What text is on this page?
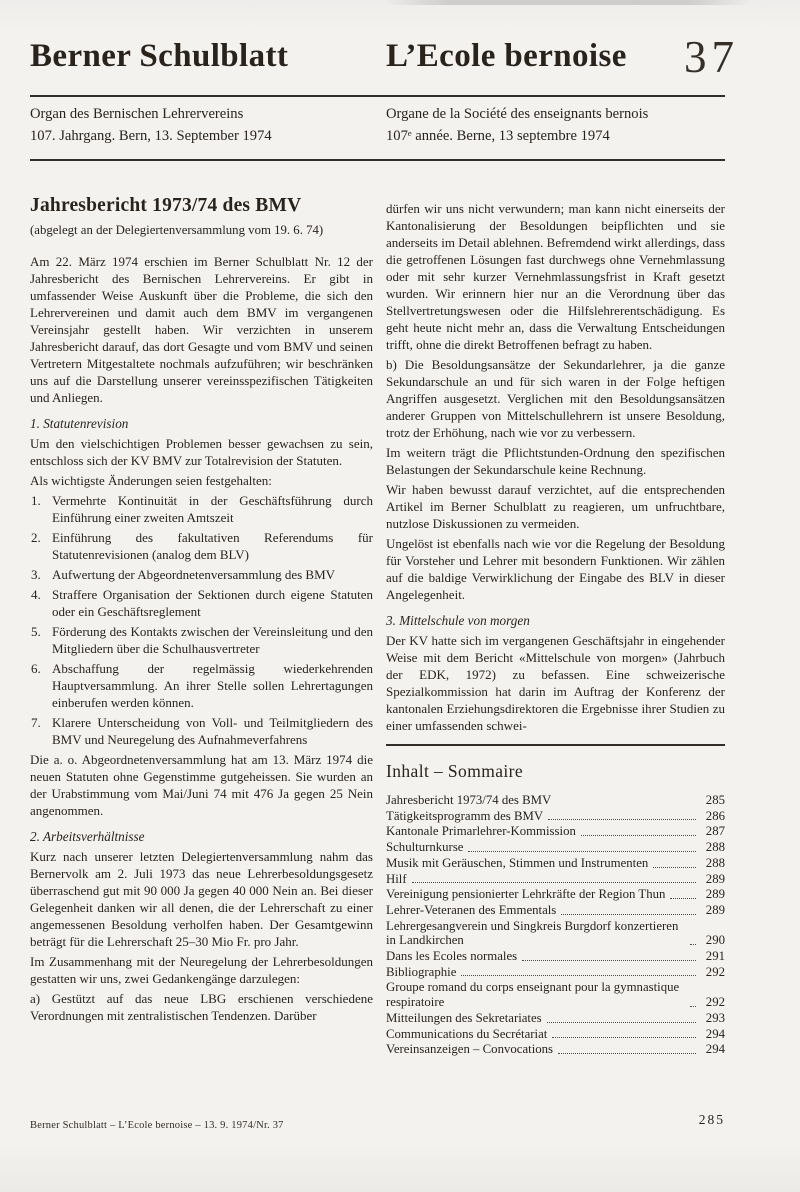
Berner Schulblatt	L’Ecole bernoise 37
Organ des Bernischen Lehrervereins
107. Jahrgang. Bern, 13. September 1974
Organe de la Société des enseignants bernois
107ᵉ année. Berne, 13 septembre 1974
Jahresbericht 1973/74 des BMV
(abgelegt an der Delegiertenversammlung vom 19. 6. 74)

Am 22. März 1974 erschien im Berner Schulblatt Nr. 12 der Jahresbericht des Bernischen Lehrervereins. Er gibt in umfassender Weise Auskunft über die Probleme, die sich den Lehrervereinen und damit auch dem BMV im vergangenen Vereinsjahr gestellt haben. Wir verzichten in unserem Jahresbericht darauf, das dort Gesagte und vom BMV und seinen Vertretern Mitgestaltete nochmals aufzuführen; wir beschränken uns auf die Darstellung unserer vereinsspezifischen Tätigkeiten und Anliegen.

1. Statutenrevision

Um den vielschichtigen Problemen besser gewachsen zu sein, entschloss sich der KV BMV zur Totalrevision der Statuten.

Als wichtigste Änderungen seien festgehalten:

1. Vermehrte Kontinuität in der Geschäftsführung durch Einführung einer zweiten Amtszeit
2. Einführung des fakultativen Referendums für Statutenrevisionen (analog dem BLV)
3. Aufwertung der Abgeordnetenversammlung des BMV
4. Straffere Organisation der Sektionen durch eigene Statuten oder ein Geschäftsreglement
5. Förderung des Kontakts zwischen der Vereinsleitung und den Mitgliedern über die Schulhausvertreter
6. Abschaffung der regelmässig wiederkehrenden Hauptversammlung. An ihrer Stelle sollen Lehrertagungen einberufen werden können.
7. Klarere Unterscheidung von Voll- und Teilmitgliedern des BMV und Neuregelung des Aufnahmeverfahrens

Die a. o. Abgeordnetenversammlung hat am 13. März 1974 die neuen Statuten ohne Gegenstimme gutgeheissen. Sie wurden an der Urabstimmung vom Mai/Juni 74 mit 476 Ja gegen 25 Nein angenommen.

2. Arbeitsverhältnisse

Kurz nach unserer letzten Delegiertenversammlung nahm das Bernervolk am 2. Juli 1973 das neue Lehrerbesoldungsgesetz überraschend gut mit 90 000 Ja gegen 40 000 Nein an. Bei dieser Gelegenheit danken wir all denen, die der Lehrerschaft zu einer angemessenen Besoldung verholfen haben. Der Gesamtgewinn beträgt für die Lehrerschaft 25–30 Mio Fr. pro Jahr.

Im Zusammenhang mit der Neuregelung der Lehrerbesoldungen gestatten wir uns, zwei Gedankengänge darzulegen:

a) Gestützt auf das neue LBG erschienen verschiedene Verordnungen mit zentralistischen Tendenzen. Darüber

dürfen wir uns nicht verwundern; man kann nicht einerseits der Kantonalisierung der Besoldungen beipflichten und sie anderseits im Detail ablehnen. Befremdend wirkt allerdings, dass die getroffenen Lösungen fast durchwegs ohne Vernehmlassung oder mit sehr kurzer Vernehmlassungsfrist in Kraft gesetzt wurden. Wir erinnern hier nur an die Verordnung über das Stellvertretungswesen oder die Hilfslehrerentschädigung. Es geht heute nicht mehr an, dass die Verwaltung Entscheidungen trifft, ohne die direkt Betroffenen befragt zu haben.

b) Die Besoldungsansätze der Sekundarlehrer, ja die ganze Sekundarschule an und für sich waren in der Folge heftigen Angriffen ausgesetzt. Verglichen mit den Besoldungsansätzen anderer Gruppen von Mittelschullehrern ist unsere Besoldung, trotz der Erhöhung, nach wie vor zu verbessern.

Im weitern trägt die Pflichtstunden-Ordnung den spezifischen Belastungen der Sekundarschule keine Rechnung.

Wir haben bewusst darauf verzichtet, auf die entsprechenden Artikel im Berner Schulblatt zu reagieren, um unfruchtbare, nutzlose Diskussionen zu vermeiden.

Ungelöst ist ebenfalls nach wie vor die Regelung der Besoldung für Vorsteher und Lehrer mit besondern Funktionen. Wir zählen auf die baldige Verwirklichung der Eingabe des BLV in dieser Angelegenheit.

3. Mittelschule von morgen

Der KV hatte sich im vergangenen Geschäftsjahr in eingehender Weise mit dem Bericht «Mittelschule von morgen» (Jahrbuch der EDK, 1972) zu befassen. Eine schweizerische Spezialkommission hat darin im Auftrag der Konferenz der kantonalen Erziehungsdirektoren die Ergebnisse ihrer Studien zu einer umfassenden schwei-

Inhalt – Sommaire
Jahresbericht 1973/74 des BMV	285
Tätigkeitsprogramm des BMV	286
Kantonale Primarlehrer-Kommission	287
Schulturnkurse	288
Musik mit Geräuschen, Stimmen und Instrumenten	288
Hilf	289
Vereinigung pensionierter Lehrkräfte der Region Thun	289
Lehrer-Veteranen des Emmentals	289
Lehrergesangverein und Singkreis Burgdorf konzertieren in Landkirchen	290
Dans les Ecoles normales	291
Bibliographie	292
Groupe romand du corps enseignant pour la gymnastique respiratoire	292
Mitteilungen des Sekretariates	293
Communications du Secrétariat	294
Vereinsanzeigen – Convocations	294
Berner Schulblatt – L’Ecole bernoise – 13. 9. 1974/Nr. 37	285
